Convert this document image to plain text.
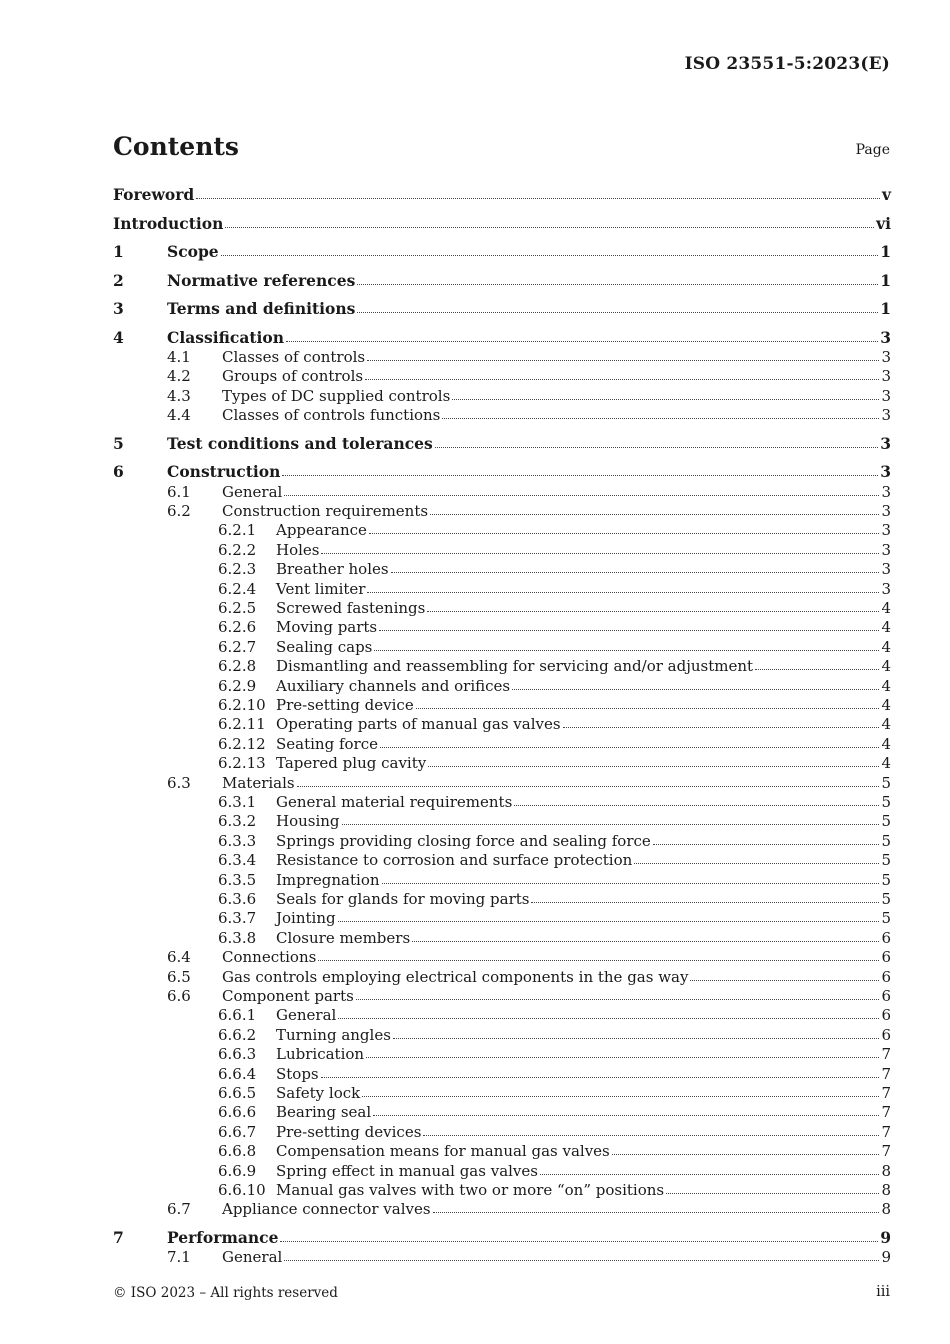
ISO 23551-5:2023(E)
Contents	Page
Foreword	v
Introduction	vi
1	Scope	1
2	Normative references	1
3	Terms and definitions	1
4	Classification	3
4.1	Classes of controls	3
4.2	Groups of controls	3
4.3	Types of DC supplied controls	3
4.4	Classes of controls functions	3
5	Test conditions and tolerances	3
6	Construction	3
6.1	General	3
6.2	Construction requirements	3
6.2.1	Appearance	3
6.2.2	Holes	3
6.2.3	Breather holes	3
6.2.4	Vent limiter	3
6.2.5	Screwed fastenings	4
6.2.6	Moving parts	4
6.2.7	Sealing caps	4
6.2.8	Dismantling and reassembling for servicing and/or adjustment	4
6.2.9	Auxiliary channels and orifices	4
6.2.10 Pre-setting device	4
6.2.11 Operating parts of manual gas valves	4
6.2.12 Seating force	4
6.2.13 Tapered plug cavity	4
6.3	Materials	5
6.3.1	General material requirements	5
6.3.2	Housing	5
6.3.3	Springs providing closing force and sealing force	5
6.3.4	Resistance to corrosion and surface protection	5
6.3.5	Impregnation	5
6.3.6	Seals for glands for moving parts	5
6.3.7	Jointing	5
6.3.8	Closure members	6
6.4	Connections	6
6.5	Gas controls employing electrical components in the gas way	6
6.6	Component parts	6
6.6.1	General	6
6.6.2	Turning angles	6
6.6.3	Lubrication	7
6.6.4	Stops	7
6.6.5	Safety lock	7
6.6.6	Bearing seal	7
6.6.7	Pre-setting devices	7
6.6.8	Compensation means for manual gas valves	7
6.6.9	Spring effect in manual gas valves	8
6.6.10 Manual gas valves with two or more “on” positions	8
6.7	Appliance connector valves	8
7	Performance	9
7.1	General	9
© ISO 2023 – All rights reserved	iii
